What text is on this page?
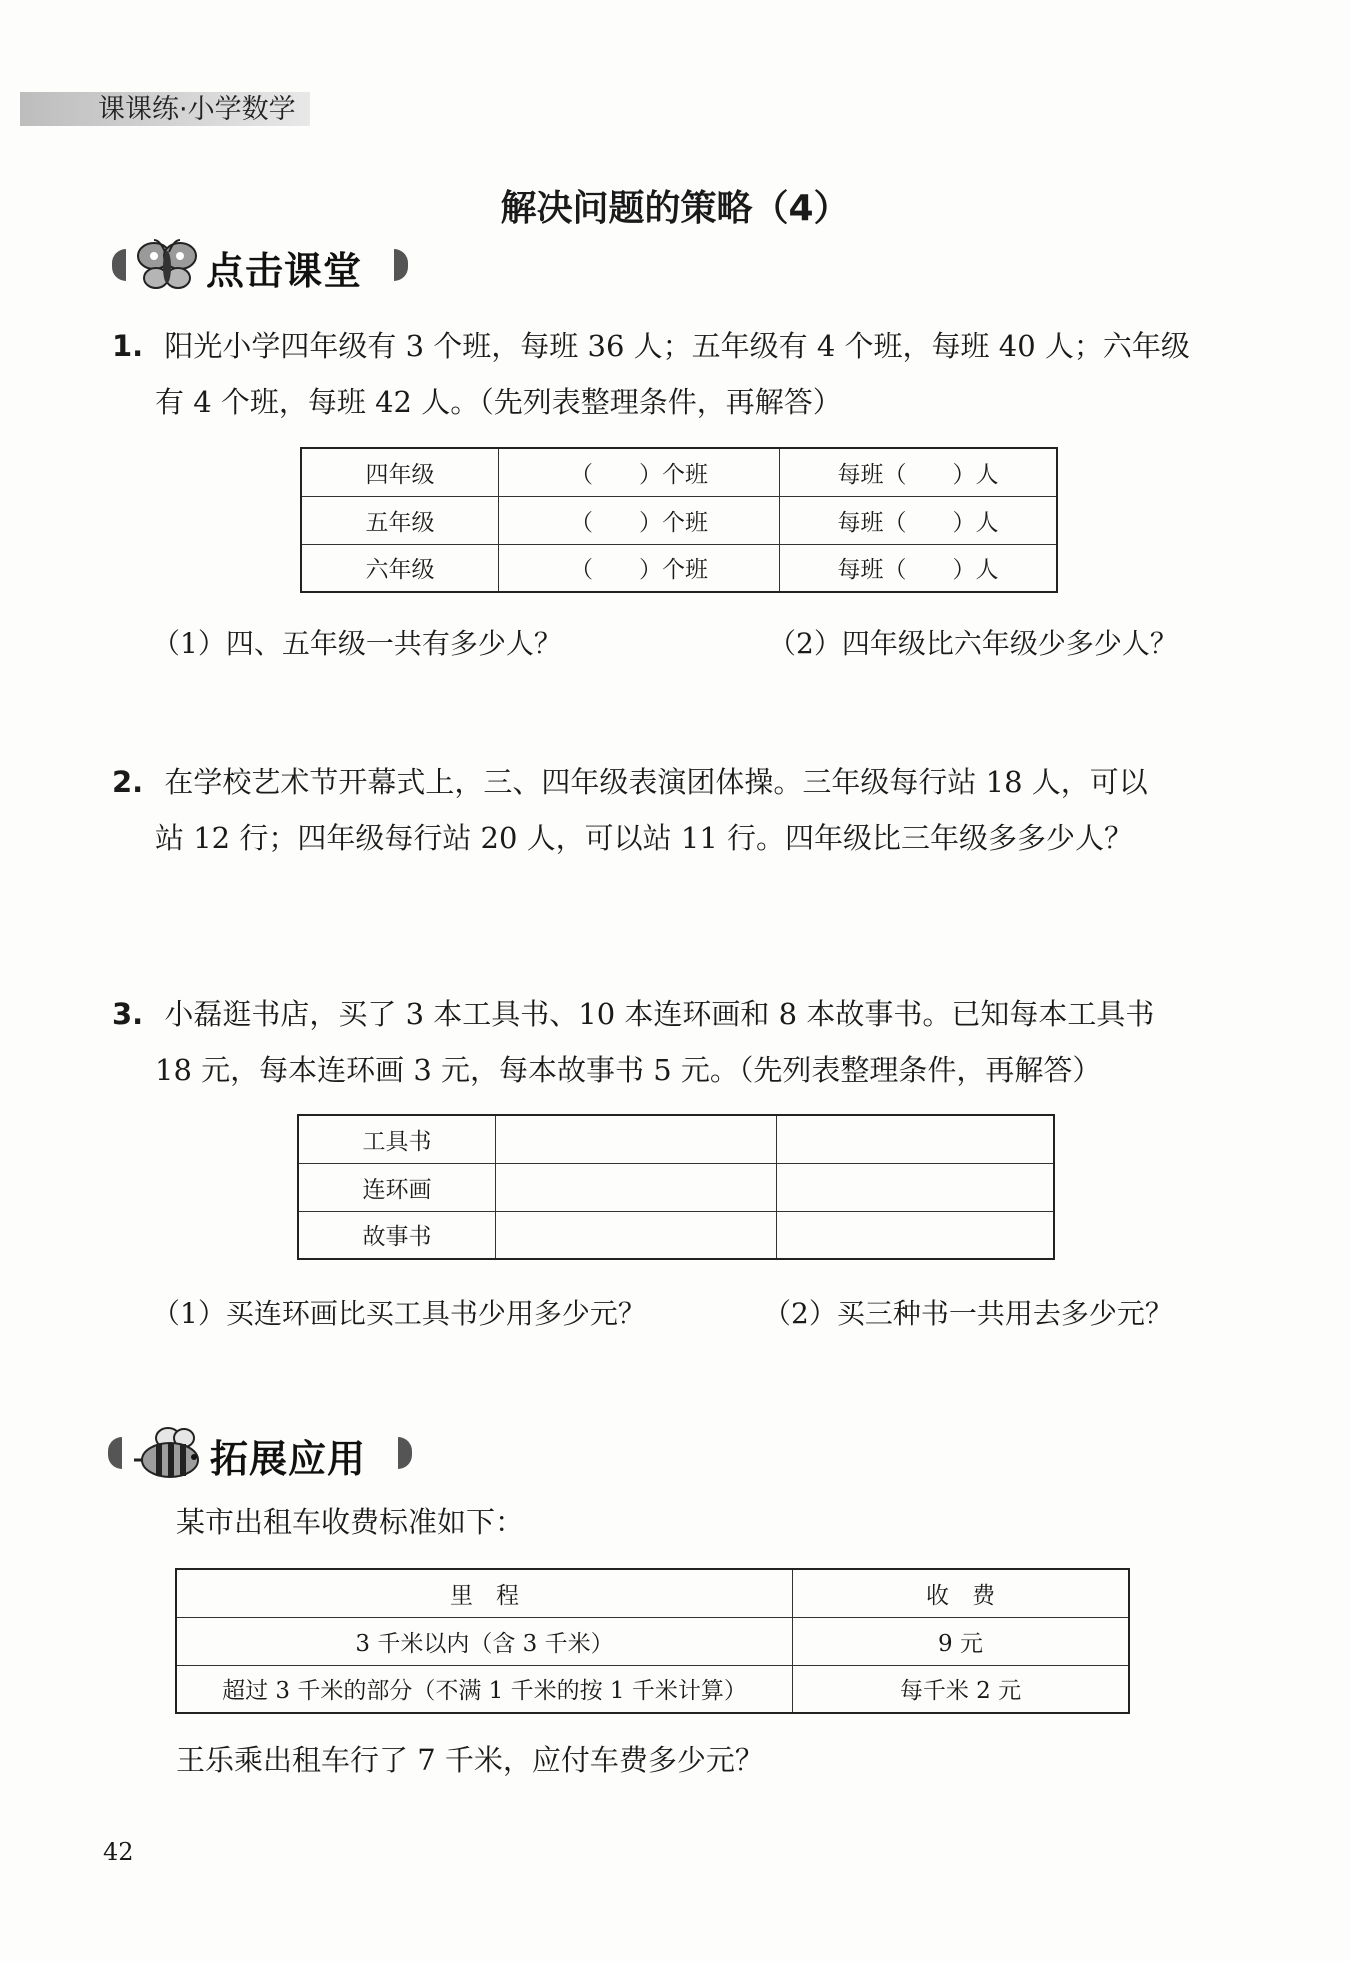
课课练·小学数学
解决问题的策略（4）
点击课堂
1. 阳光小学四年级有 3 个班，每班 36 人；五年级有 4 个班，每班 40 人；六年级
有 4 个班，每班 42 人。（先列表整理条件，再解答）
四年级	（　　）个班	每班（　　）人
五年级	（　　）个班	每班（　　）人
六年级	（　　）个班	每班（　　）人
（1）四、五年级一共有多少人？	（2）四年级比六年级少多少人？
2. 在学校艺术节开幕式上，三、四年级表演团体操。三年级每行站 18 人，可以
站 12 行；四年级每行站 20 人，可以站 11 行。四年级比三年级多多少人？
3. 小磊逛书店，买了 3 本工具书、10 本连环画和 8 本故事书。已知每本工具书
18 元，每本连环画 3 元，每本故事书 5 元。（先列表整理条件，再解答）
工具书		
连环画		
故事书		
（1）买连环画比买工具书少用多少元？	（2）买三种书一共用去多少元？
拓展应用
某市出租车收费标准如下：
里　程	收　费
3 千米以内（含 3 千米）	9 元
超过 3 千米的部分（不满 1 千米的按 1 千米计算）	每千米 2 元
王乐乘出租车行了 7 千米，应付车费多少元？
42
